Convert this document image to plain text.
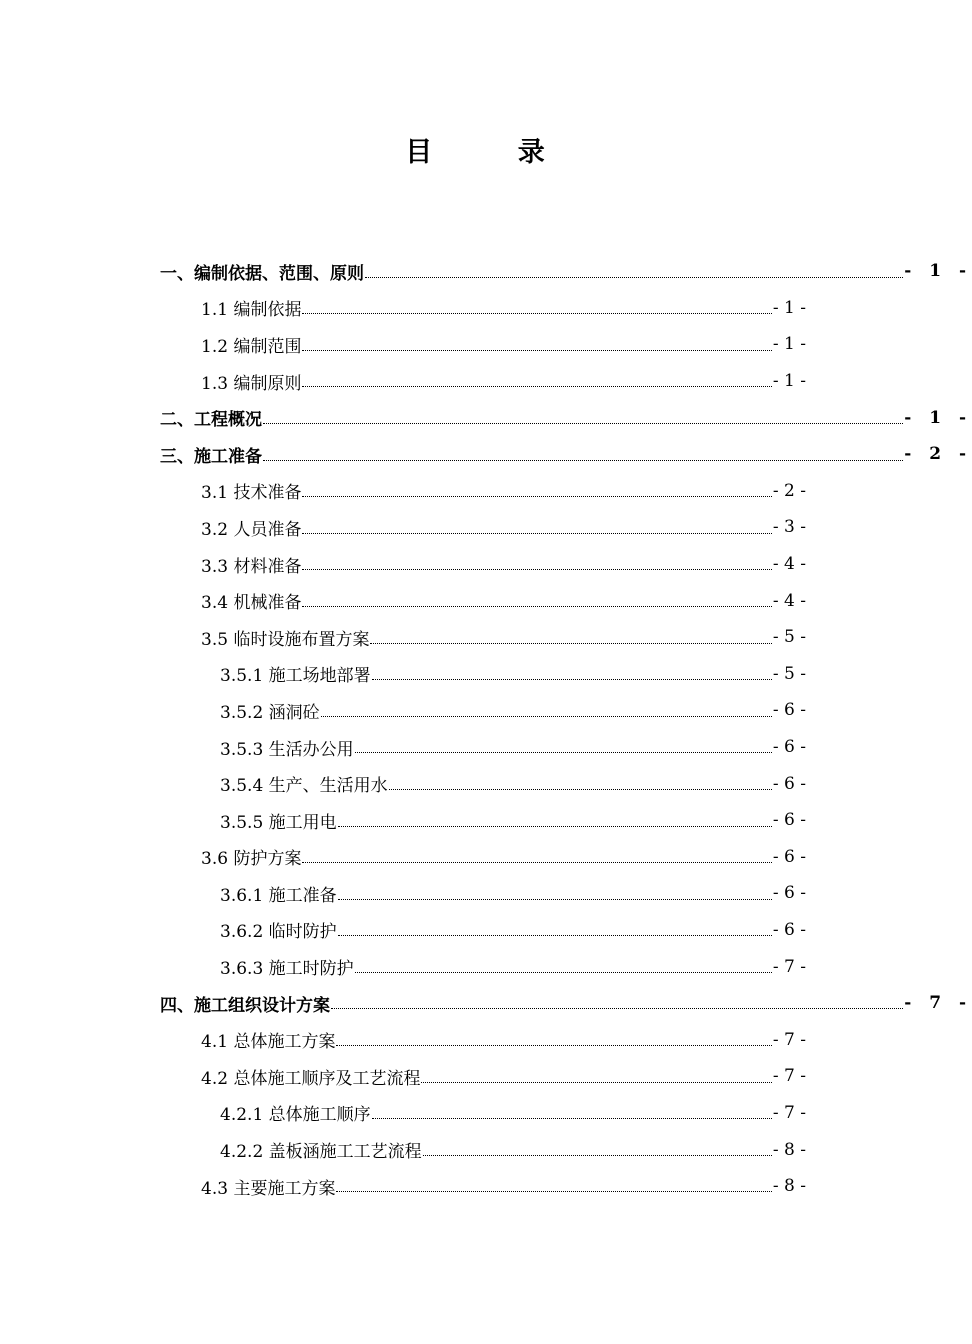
目 录
一、编制依据、范围、原则	- 1 -
1.1 编制依据	- 1 -
1.2 编制范围	- 1 -
1.3 编制原则	- 1 -
二、工程概况	- 1 -
三、施工准备	- 2 -
3.1 技术准备	- 2 -
3.2 人员准备	- 3 -
3.3 材料准备	- 4 -
3.4 机械准备	- 4 -
3.5 临时设施布置方案	- 5 -
3.5.1 施工场地部署	- 5 -
3.5.2 涵洞砼	- 6 -
3.5.3 生活办公用	- 6 -
3.5.4 生产、生活用水	- 6 -
3.5.5 施工用电	- 6 -
3.6 防护方案	- 6 -
3.6.1 施工准备	- 6 -
3.6.2 临时防护	- 6 -
3.6.3 施工时防护	- 7 -
四、施工组织设计方案	- 7 -
4.1 总体施工方案	- 7 -
4.2 总体施工顺序及工艺流程	- 7 -
4.2.1 总体施工顺序	- 7 -
4.2.2 盖板涵施工工艺流程	- 8 -
4.3 主要施工方案	- 8 -
